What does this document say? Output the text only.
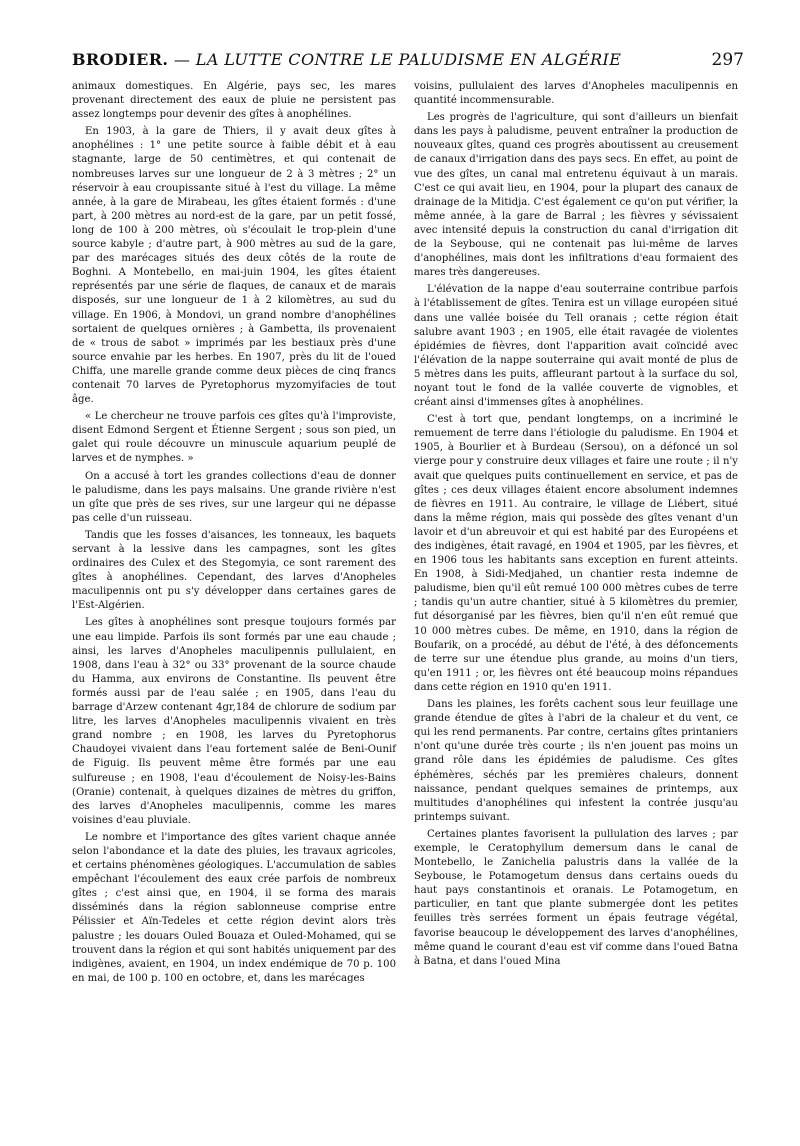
BRODIER. — LA LUTTE CONTRE LE PALUDISME EN ALGÉRIE	297

animaux domestiques. En Algérie, pays sec, les mares provenant directement des eaux de pluie ne persistent pas assez longtemps pour devenir des gîtes à anophélines.

En 1903, à la gare de Thiers, il y avait deux gîtes à anophélines : 1° une petite source à faible débit et à eau stagnante, large de 50 centimètres, et qui contenait de nombreuses larves sur une longueur de 2 à 3 mètres ; 2° un réservoir à eau croupissante situé à l'est du village. La même année, à la gare de Mirabeau, les gîtes étaient formés : d'une part, à 200 mètres au nord-est de la gare, par un petit fossé, long de 100 à 200 mètres, où s'écoulait le trop-plein d'une source kabyle ; d'autre part, à 900 mètres au sud de la gare, par des marécages situés des deux côtés de la route de Boghni. A Montebello, en mai-juin 1904, les gîtes étaient représentés par une série de flaques, de canaux et de marais disposés, sur une longueur de 1 à 2 kilomètres, au sud du village. En 1906, à Mondovi, un grand nombre d'anophélines sortaient de quelques ornières ; à Gambetta, ils provenaient de « trous de sabot » imprimés par les bestiaux près d'une source envahie par les herbes. En 1907, près du lit de l'oued Chiffa, une marelle grande comme deux pièces de cinq francs contenait 70 larves de Pyretophorus myzomyifacies de tout âge.

« Le chercheur ne trouve parfois ces gîtes qu'à l'improviste, disent Edmond Sergent et Étienne Sergent ; sous son pied, un galet qui roule découvre un minuscule aquarium peuplé de larves et de nymphes. »

On a accusé à tort les grandes collections d'eau de donner le paludisme, dans les pays malsains. Une grande rivière n'est un gîte que près de ses rives, sur une largeur qui ne dépasse pas celle d'un ruisseau.

Tandis que les fosses d'aisances, les tonneaux, les baquets servant à la lessive dans les campagnes, sont les gîtes ordinaires des Culex et des Stegomyia, ce sont rarement des gîtes à anophélines. Cependant, des larves d'Anopheles maculipennis ont pu s'y développer dans certaines gares de l'Est-Algérien.

Les gîtes à anophélines sont presque toujours formés par une eau limpide. Parfois ils sont formés par une eau chaude ; ainsi, les larves d'Anopheles maculipennis pullulaient, en 1908, dans l'eau à 32° ou 33° provenant de la source chaude du Hamma, aux environs de Constantine. Ils peuvent être formés aussi par de l'eau salée ; en 1905, dans l'eau du barrage d'Arzew contenant 4gr,184 de chlorure de sodium par litre, les larves d'Anopheles maculipennis vivaient en très grand nombre ; en 1908, les larves du Pyretophorus Chaudoyei vivaient dans l'eau fortement salée de Beni-Ounif de Figuig. Ils peuvent même être formés par une eau sulfureuse ; en 1908, l'eau d'écoulement de Noisy-les-Bains (Oranie) contenait, à quelques dizaines de mètres du griffon, des larves d'Anopheles maculipennis, comme les mares voisines d'eau pluviale.

Le nombre et l'importance des gîtes varient chaque année selon l'abondance et la date des pluies, les travaux agricoles, et certains phénomènes géologiques. L'accumulation de sables empêchant l'écoulement des eaux crée parfois de nombreux gîtes ; c'est ainsi que, en 1904, il se forma des marais disséminés dans la région sablonneuse comprise entre Pélissier et Aïn-Tedeles et cette région devint alors très palustre ; les douars Ouled Bouaza et Ouled-Mohamed, qui se trouvent dans la région et qui sont habités uniquement par des indigènes, avaient, en 1904, un index endémique de 70 p. 100 en mai, de 100 p. 100 en octobre, et, dans les marécages

voisins, pullulaient des larves d'Anopheles maculipennis en quantité incommensurable.

Les progrès de l'agriculture, qui sont d'ailleurs un bienfait dans les pays à paludisme, peuvent entraîner la production de nouveaux gîtes, quand ces progrès aboutissent au creusement de canaux d'irrigation dans des pays secs. En effet, au point de vue des gîtes, un canal mal entretenu équivaut à un marais. C'est ce qui avait lieu, en 1904, pour la plupart des canaux de drainage de la Mitidja. C'est également ce qu'on put vérifier, la même année, à la gare de Barral ; les fièvres y sévissaient avec intensité depuis la construction du canal d'irrigation dit de la Seybouse, qui ne contenait pas lui-même de larves d'anophélines, mais dont les infiltrations d'eau formaient des mares très dangereuses.

L'élévation de la nappe d'eau souterraine contribue parfois à l'établissement de gîtes. Tenira est un village européen situé dans une vallée boisée du Tell oranais ; cette région était salubre avant 1903 ; en 1905, elle était ravagée de violentes épidémies de fièvres, dont l'apparition avait coïncidé avec l'élévation de la nappe souterraine qui avait monté de plus de 5 mètres dans les puits, affleurant partout à la surface du sol, noyant tout le fond de la vallée couverte de vignobles, et créant ainsi d'immenses gîtes à anophélines.

C'est à tort que, pendant longtemps, on a incriminé le remuement de terre dans l'étiologie du paludisme. En 1904 et 1905, à Bourlier et à Burdeau (Sersou), on a défoncé un sol vierge pour y construire deux villages et faire une route ; il n'y avait que quelques puits continuellement en service, et pas de gîtes ; ces deux villages étaient encore absolument indemnes de fièvres en 1911. Au contraire, le village de Liébert, situé dans la même région, mais qui possède des gîtes venant d'un lavoir et d'un abreuvoir et qui est habité par des Européens et des indigènes, était ravagé, en 1904 et 1905, par les fièvres, et en 1906 tous les habitants sans exception en furent atteints. En 1908, à Sidi-Medjahed, un chantier resta indemne de paludisme, bien qu'il eût remué 100 000 mètres cubes de terre ; tandis qu'un autre chantier, situé à 5 kilomètres du premier, fut désorganisé par les fièvres, bien qu'il n'en eût remué que 10 000 mètres cubes. De même, en 1910, dans la région de Boufarik, on a procédé, au début de l'été, à des défoncements de terre sur une étendue plus grande, au moins d'un tiers, qu'en 1911 ; or, les fièvres ont été beaucoup moins répandues dans cette région en 1910 qu'en 1911.

Dans les plaines, les forêts cachent sous leur feuillage une grande étendue de gîtes à l'abri de la chaleur et du vent, ce qui les rend permanents. Par contre, certains gîtes printaniers n'ont qu'une durée très courte ; ils n'en jouent pas moins un grand rôle dans les épidémies de paludisme. Ces gîtes éphémères, séchés par les premières chaleurs, donnent naissance, pendant quelques semaines de printemps, aux multitudes d'anophélines qui infestent la contrée jusqu'au printemps suivant.

Certaines plantes favorisent la pullulation des larves ; par exemple, le Ceratophyllum demersum dans le canal de Montebello, le Zanichelia palustris dans la vallée de la Seybouse, le Potamogetum densus dans certains oueds du haut pays constantinois et oranais. Le Potamogetum, en particulier, en tant que plante submergée dont les petites feuilles très serrées forment un épais feutrage végétal, favorise beaucoup le développement des larves d'anophélines, même quand le courant d'eau est vif comme dans l'oued Batna à Batna, et dans l'oued Mina
